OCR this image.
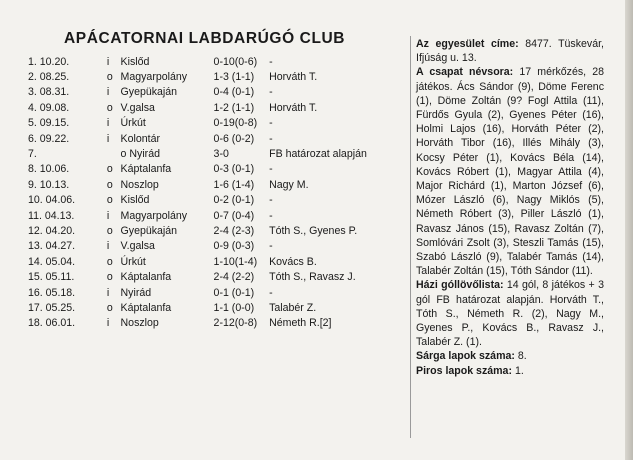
APÁCATORNAI LABDARÚGÓ CLUB
1. 10.20.	i	Kislőd	0-10(0-6)	-
2. 08.25.	o	Magyarpolány	1-3 (1-1)	Horváth T.
3. 08.31.	i	Gyepükaján	0-4 (0-1)	-
4. 09.08.	o	V.galsa	1-2 (1-1)	Horváth T.
5. 09.15.	i	Úrkút	0-19(0-8)	-
6. 09.22.	i	Kolontár	0-6 (0-2)	-
7.		o Nyirád	3-0	FB határozat alapján
8. 10.06.	o	Káptalanfa	0-3 (0-1)	-
9. 10.13.	o	Noszlop	1-6 (1-4)	Nagy M.
10. 04.06.	o	Kislőd	0-2 (0-1)	-
11. 04.13.	i	Magyarpolány	0-7 (0-4)	-
12. 04.20.	o	Gyepükaján	2-4 (2-3)	Tóth S., Gyenes P.
13. 04.27.	i	V.galsa	0-9 (0-3)	-
14. 05.04.	o	Úrkút	1-10(1-4)	Kovács B.
15. 05.11.	o	Káptalanfa	2-4 (2-2)	Tóth S., Ravasz J.
16. 05.18.	i	Nyirád	0-1 (0-1)	-
17. 05.25.	o	Káptalanfa	1-1 (0-0)	Talabér Z.
18. 06.01.	i	Noszlop	2-12(0-8)	Németh R.[2]

Az egyesület címe: 8477. Tüskevár, Ifjúság u. 13.

A csapat névsora: 17 mérkőzés, 28 játékos. Ács Sándor (9), Döme Ferenc (1), Döme Zoltán (9? Fogl Attila (11), Fürdős Gyula (2), Gyenes Péter (16), Holmi Lajos (16), Horváth Péter (2), Horváth Tibor (16), Illés Mihály (3), Kocsy Péter (1), Kovács Béla (14), Kovács Róbert (1), Magyar Attila (4), Major Richárd (1), Marton József (6), Mózer László (6), Nagy Miklós (5), Németh Róbert (3), Piller László (1), Ravasz János (15), Ravasz Zoltán (7), Somlóvári Zsolt (3), Steszli Tamás (15), Szabó László (9), Talabér Tamás (14), Talabér Zoltán (15), Tóth Sándor (11).

Házi góllövőlista: 14 gól, 8 játékos + 3 gól FB határozat alapján. Horváth T., Tóth S., Németh R. (2), Nagy M., Gyenes P., Kovács B., Ravasz J., Talabér Z. (1).

Sárga lapok száma: 8.

Piros lapok száma: 1.
